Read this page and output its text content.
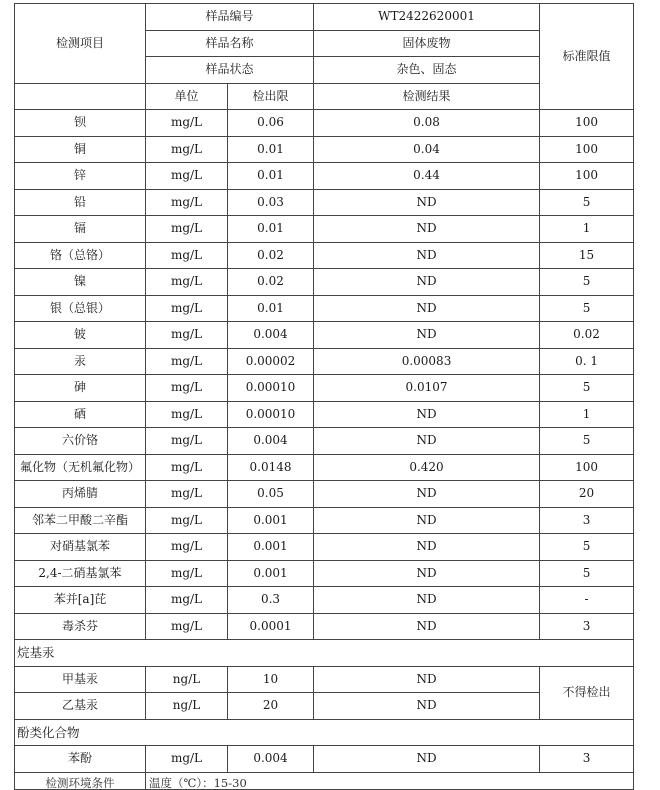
检测项目	样品编号		WT2422620001	标准限值
	样品名称		固体废物	
	样品状态		杂色、固态	
	单位	检出限	检测结果	
钡	mg/L	0.06	0.08	100
铜	mg/L	0.01	0.04	100
锌	mg/L	0.01	0.44	100
铅	mg/L	0.03	ND	5
镉	mg/L	0.01	ND	1
铬（总铬）	mg/L	0.02	ND	15
镍	mg/L	0.02	ND	5
银（总银）	mg/L	0.01	ND	5
铍	mg/L	0.004	ND	0.02
汞	mg/L	0.00002	0.00083	0. 1
砷	mg/L	0.00010	0.0107	5
硒	mg/L	0.00010	ND	1
六价铬	mg/L	0.004	ND	5
氟化物（无机氟化物）	mg/L	0.0148	0.420	100
丙烯腈	mg/L	0.05	ND	20
邻苯二甲酸二辛酯	mg/L	0.001	ND	3
对硝基氯苯	mg/L	0.001	ND	5
2,4-二硝基氯苯	mg/L	0.001	ND	5
苯并[a]芘	mg/L	0.3	ND	-
毒杀芬	mg/L	0.0001	ND	3
烷基汞				
甲基汞	ng/L	10	ND	不得检出
乙基汞	ng/L	20	ND	
酚类化合物				
苯酚	mg/L	0.004	ND	3
检测环境条件	温度（℃）：15-30			
